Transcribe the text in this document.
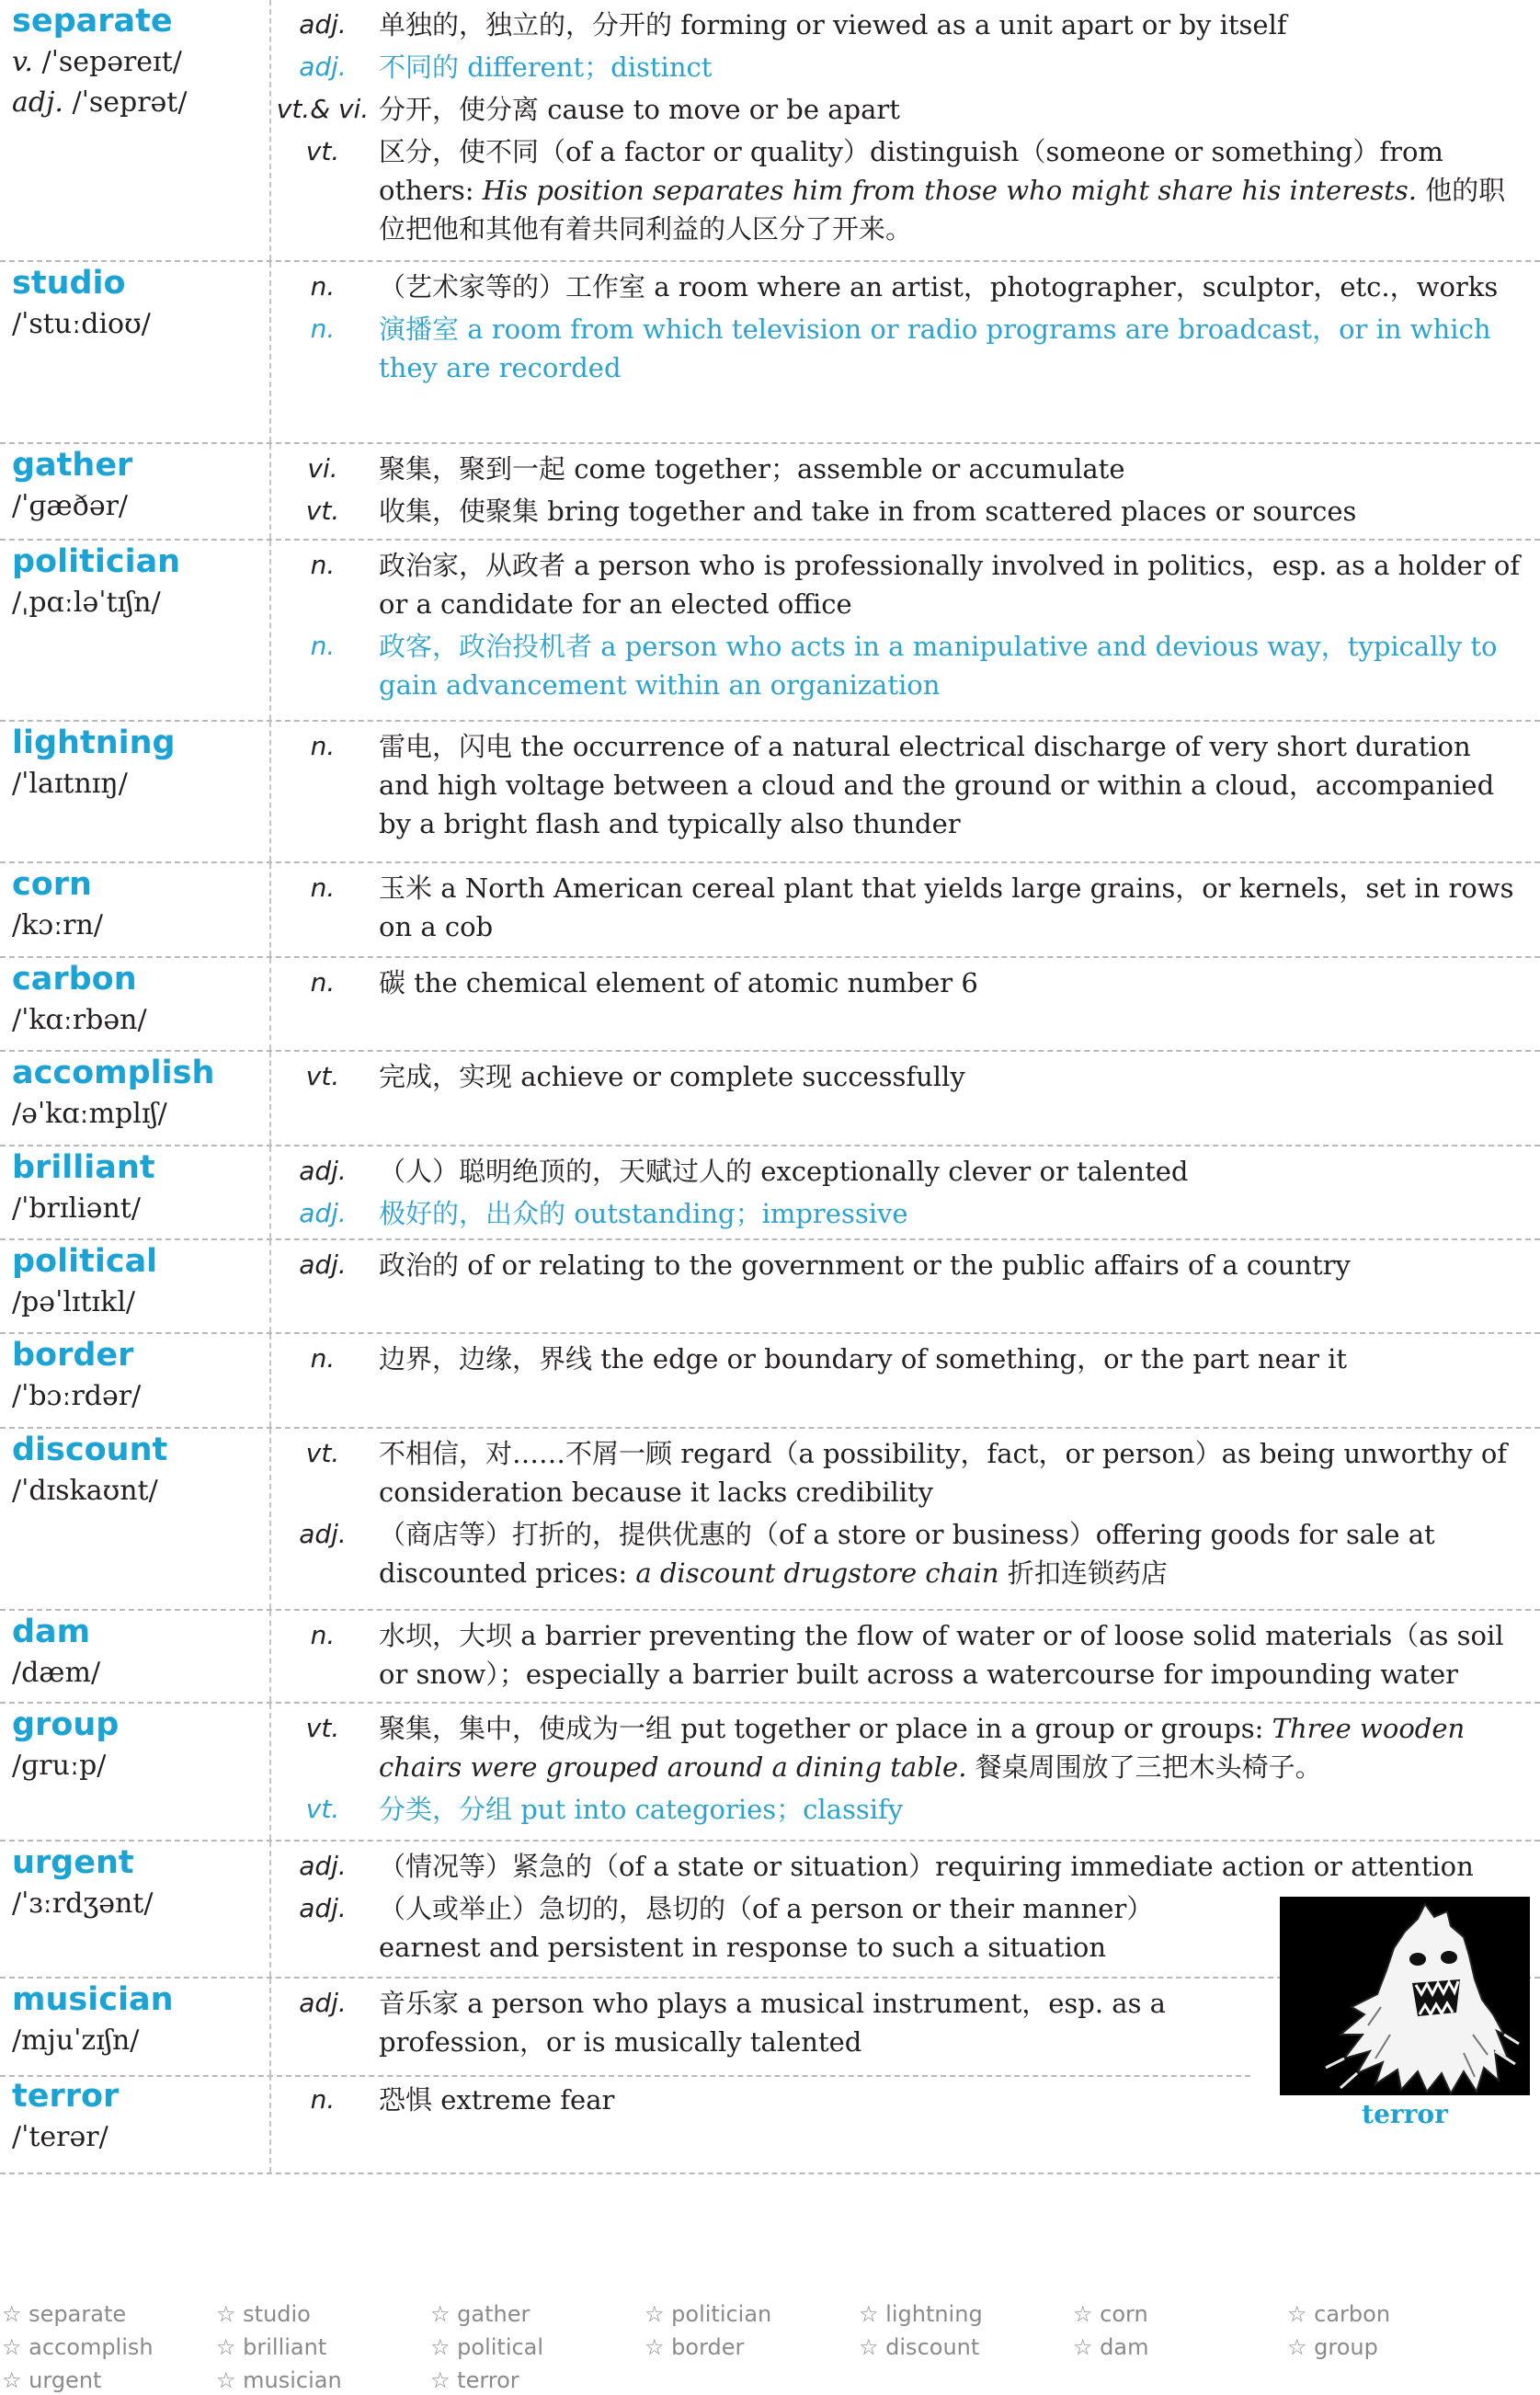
separate
v. /ˈsepəreɪt/
adj. /ˈseprət/
adj.	单独的，独立的，分开的 forming or viewed as a unit apart or by itself
adj.	不同的 different；distinct
vt.& vi. 分开，使分离 cause to move or be apart
vt.	区分，使不同（of a factor or quality）distinguish（someone or something）from others: His position separates him from those who might share his interests. 他的职位把他和其他有着共同利益的人区分了开来。
studio
/ˈstuːdioʊ/
n.	（艺术家等的）工作室 a room where an artist，photographer，sculptor，etc.，works
n.	演播室 a room from which television or radio programs are broadcast，or in which they are recorded
gather
/ˈɡæðər/
vi.	聚集，聚到一起 come together；assemble or accumulate
vt.	收集，使聚集 bring together and take in from scattered places or sources
politician
/ˌpɑːləˈtɪʃn/
n.	政治家，从政者 a person who is professionally involved in politics，esp. as a holder of or a candidate for an elected office
n.	政客，政治投机者 a person who acts in a manipulative and devious way，typically to gain advancement within an organization
lightning
/ˈlaɪtnɪŋ/
n.	雷电，闪电 the occurrence of a natural electrical discharge of very short duration and high voltage between a cloud and the ground or within a cloud，accompanied by a bright flash and typically also thunder
corn
/kɔːrn/
n.	玉米 a North American cereal plant that yields large grains，or kernels，set in rows on a cob
carbon
/ˈkɑːrbən/
n.	碳 the chemical element of atomic number 6
accomplish
/əˈkɑːmplɪʃ/
vt.	完成，实现 achieve or complete successfully
brilliant
/ˈbrɪliənt/
adj.	（人）聪明绝顶的，天赋过人的 exceptionally clever or talented
adj.	极好的，出众的 outstanding；impressive
political
/pəˈlɪtɪkl/
adj.	政治的 of or relating to the government or the public affairs of a country
border
/ˈbɔːrdər/
n.	边界，边缘，界线 the edge or boundary of something，or the part near it
discount
/ˈdɪskaʊnt/
vt.	不相信，对……不屑一顾 regard（a possibility，fact，or person）as being unworthy of consideration because it lacks credibility
adj.	（商店等）打折的，提供优惠的（of a store or business）offering goods for sale at discounted prices: a discount drugstore chain 折扣连锁药店
dam
/dæm/
n.	水坝，大坝 a barrier preventing the flow of water or of loose solid materials（as soil or snow）；especially a barrier built across a watercourse for impounding water
group
/ɡruːp/
vt.	聚集，集中，使成为一组 put together or place in a group or groups: Three wooden chairs were grouped around a dining table. 餐桌周围放了三把木头椅子。
vt.	分类，分组 put into categories；classify
urgent
/ˈɜːrdʒənt/
adj.	（情况等）紧急的（of a state or situation）requiring immediate action or attention
adj.	（人或举止）急切的，恳切的（of a person or their manner）earnest and persistent in response to such a situation
musician
/mjuˈzɪʃn/
adj.	音乐家 a person who plays a musical instrument，esp. as a profession，or is musically talented
terror
/ˈterər/
n.	恐惧 extreme fear	terror
☆ separate	☆ studio	☆ gather	☆ politician	☆ lightning	☆ corn	☆ carbon
☆ accomplish	☆ brilliant	☆ political	☆ border	☆ discount	☆ dam	☆ group
☆ urgent	☆ musician	☆ terror
